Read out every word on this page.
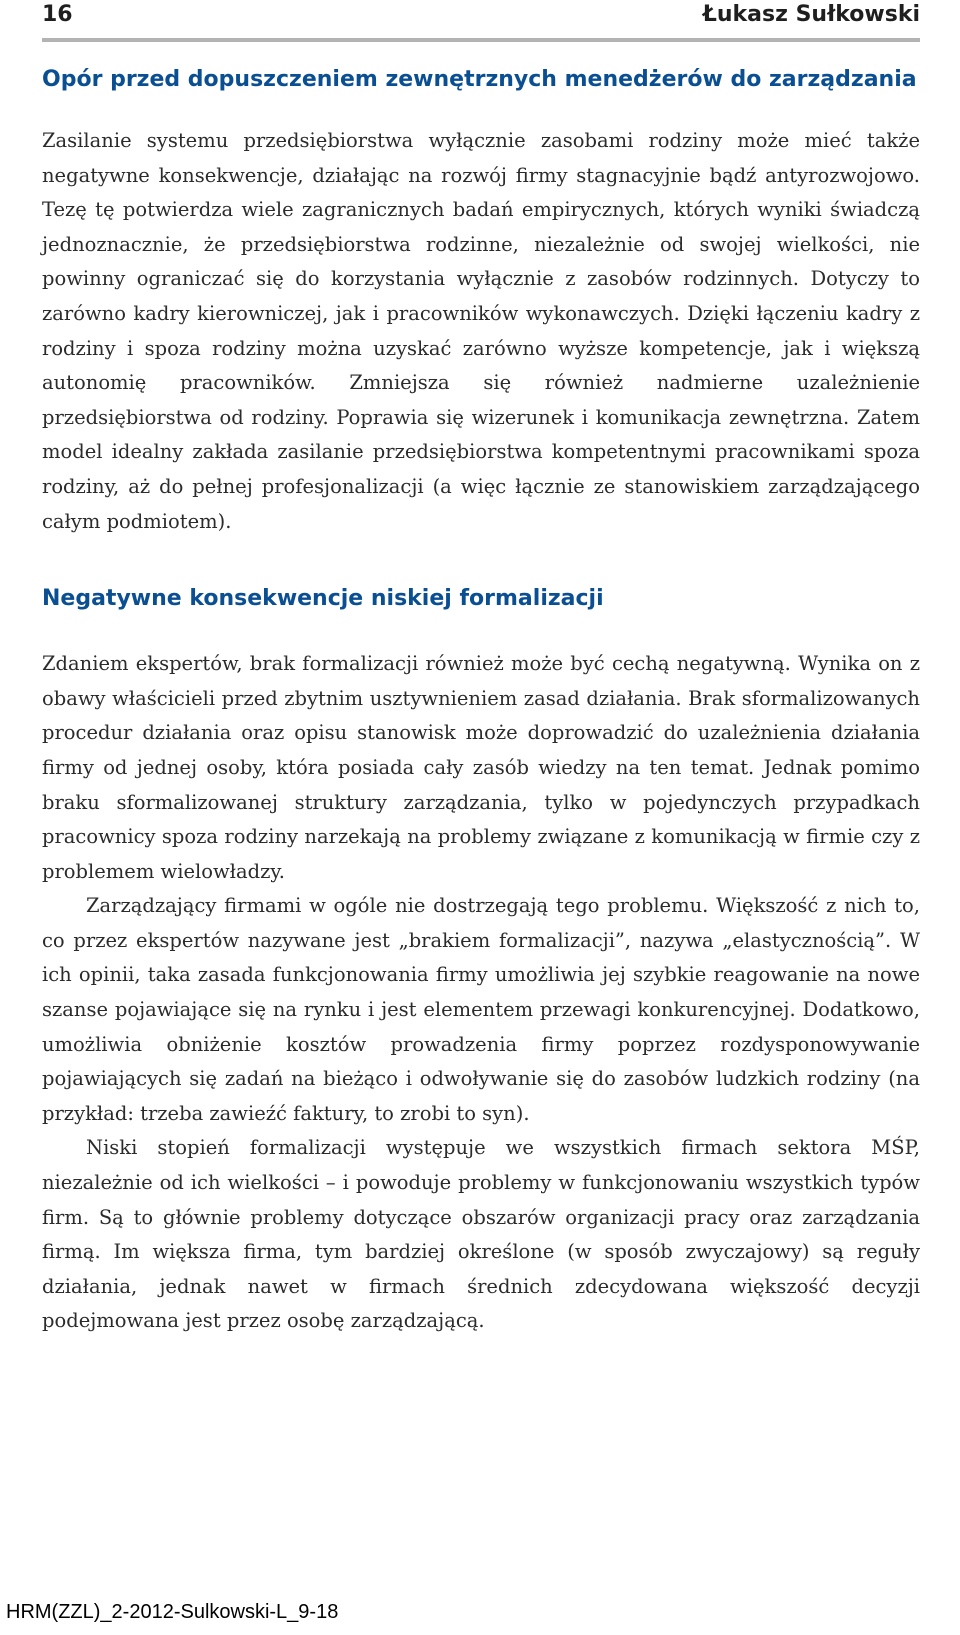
16	Łukasz Sułkowski
Opór przed dopuszczeniem zewnętrznych menedżerów do zarządzania

Zasilanie systemu przedsiębiorstwa wyłącznie zasobami rodziny może mieć także negatywne konsekwencje, działając na rozwój firmy stagnacyjnie bądź antyrozwojowo. Tezę tę potwierdza wiele zagranicznych badań empirycznych, których wyniki świadczą jednoznacznie, że przedsiębiorstwa rodzinne, niezależnie od swojej wielkości, nie powinny ograniczać się do korzystania wyłącznie z zasobów rodzinnych. Dotyczy to zarówno kadry kierowniczej, jak i pracowników wykonawczych. Dzięki łączeniu kadry z rodziny i spoza rodziny można uzyskać zarówno wyższe kompetencje, jak i większą autonomię pracowników. Zmniejsza się również nadmierne uzależnienie przedsiębiorstwa od rodziny. Poprawia się wizerunek i komunikacja zewnętrzna. Zatem model idealny zakłada zasilanie przedsiębiorstwa kompetentnymi pracownikami spoza rodziny, aż do pełnej profesjonalizacji (a więc łącznie ze stanowiskiem zarządzającego całym podmiotem).

Negatywne konsekwencje niskiej formalizacji

Zdaniem ekspertów, brak formalizacji również może być cechą negatywną. Wynika on z obawy właścicieli przed zbytnim usztywnieniem zasad działania. Brak sformalizowanych procedur działania oraz opisu stanowisk może doprowadzić do uzależnienia działania firmy od jednej osoby, która posiada cały zasób wiedzy na ten temat. Jednak pomimo braku sformalizowanej struktury zarządzania, tylko w pojedynczych przypadkach pracownicy spoza rodziny narzekają na problemy związane z komunikacją w firmie czy z problemem wielowładzy.

Zarządzający firmami w ogóle nie dostrzegają tego problemu. Większość z nich to, co przez ekspertów nazywane jest „brakiem formalizacji”, nazywa „elastycznością”. W ich opinii, taka zasada funkcjonowania firmy umożliwia jej szybkie reagowanie na nowe szanse pojawiające się na rynku i jest elementem przewagi konkurencyjnej. Dodatkowo, umożliwia obniżenie kosztów prowadzenia firmy poprzez rozdysponowywanie pojawiających się zadań na bieżąco i odwoływanie się do zasobów ludzkich rodziny (na przykład: trzeba zawieźć faktury, to zrobi to syn).

Niski stopień formalizacji występuje we wszystkich firmach sektora MŚP, niezależnie od ich wielkości – i powoduje problemy w funkcjonowaniu wszystkich typów firm. Są to głównie problemy dotyczące obszarów organizacji pracy oraz zarządzania firmą. Im większa firma, tym bardziej określone (w sposób zwyczajowy) są reguły działania, jednak nawet w firmach średnich zdecydowana większość decyzji podejmowana jest przez osobę zarządzającą.

HRM(ZZL)_2-2012-Sulkowski-L_9-18
